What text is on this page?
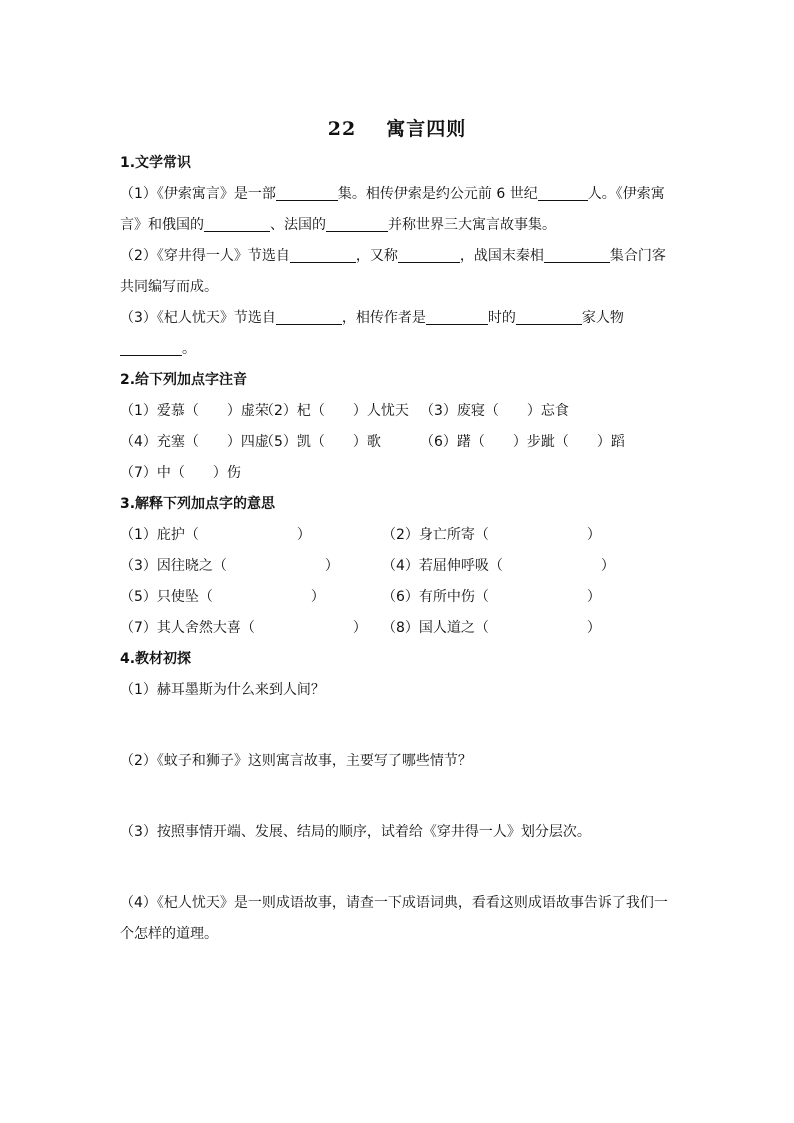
22 寓言四则
1.文学常识
（1）《伊索寓言》是一部	集。相传伊索是约公元前 6 世纪	人。《伊索寓
言》和俄国的	、法国的	并称世界三大寓言故事集。
（2）《穿井得一人》节选自	，又称	，战国末秦相	集合门客
共同编写而成。
（3）《杞人忧天》节选自	，相传作者是	时的	家人物
。
2.给下列加点字注音
（1）爱慕（　　）虚荣（2）杞（　　）人忧天 （3）废寝（　　）忘食
（4）充塞（　　）四虚（5）凯（　　）歌	（6）躇（　　）步跐（　　）蹈
（7）中（　　）伤
3.解释下列加点字的意思
（1）庇护（　　　　　　　）	（2）身亡所寄（　　　　　　　）
（3）因往晓之（　　　　　　　）	（4）若屈伸呼吸（　　　　　　　）
（5）只使坠（　　　　　　　）	（6）有所中伤（　　　　　　　）
（7）其人舍然大喜（　　　　　　　） （8）国人道之（　　　　　　　）
4.教材初探
（1）赫耳墨斯为什么来到人间？
（2）《蚊子和狮子》这则寓言故事，主要写了哪些情节？
（3）按照事情开端、发展、结局的顺序，试着给《穿井得一人》划分层次。
（4）《杞人忧天》是一则成语故事，请查一下成语词典，看看这则成语故事告诉了我们一
个怎样的道理。
